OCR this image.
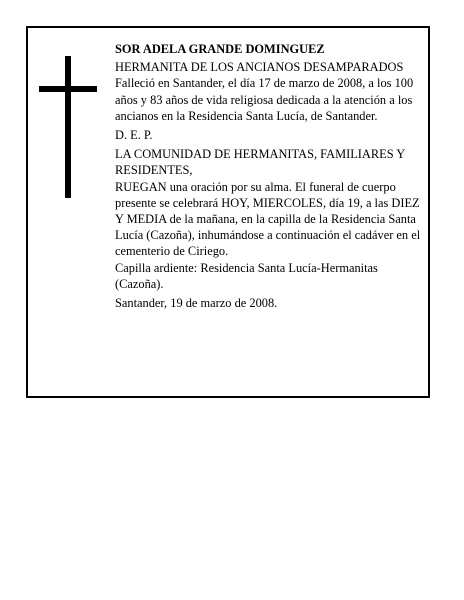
SOR ADELA GRANDE DOMINGUEZ

HERMANITA DE LOS ANCIANOS DESAMPARADOS

Falleció en Santander, el día 17 de marzo de 2008, a los 100 años y 83 años de vida religiosa dedicada a la atención a los ancianos en la Residencia Santa Lucía, de Santander.

D. E. P.

LA COMUNIDAD DE HERMANITAS, FAMILIARES Y RESIDENTES,

RUEGAN una oración por su alma. El funeral de cuerpo presente se celebrará HOY, MIERCOLES, día 19, a las DIEZ Y MEDIA de la mañana, en la capilla de la Residencia Santa Lucía (Cazoña), inhumándose a continuación el cadáver en el cementerio de Ciriego.

Capilla ardiente: Residencia Santa Lucía-Hermanitas (Cazoña).

Santander, 19 de marzo de 2008.
